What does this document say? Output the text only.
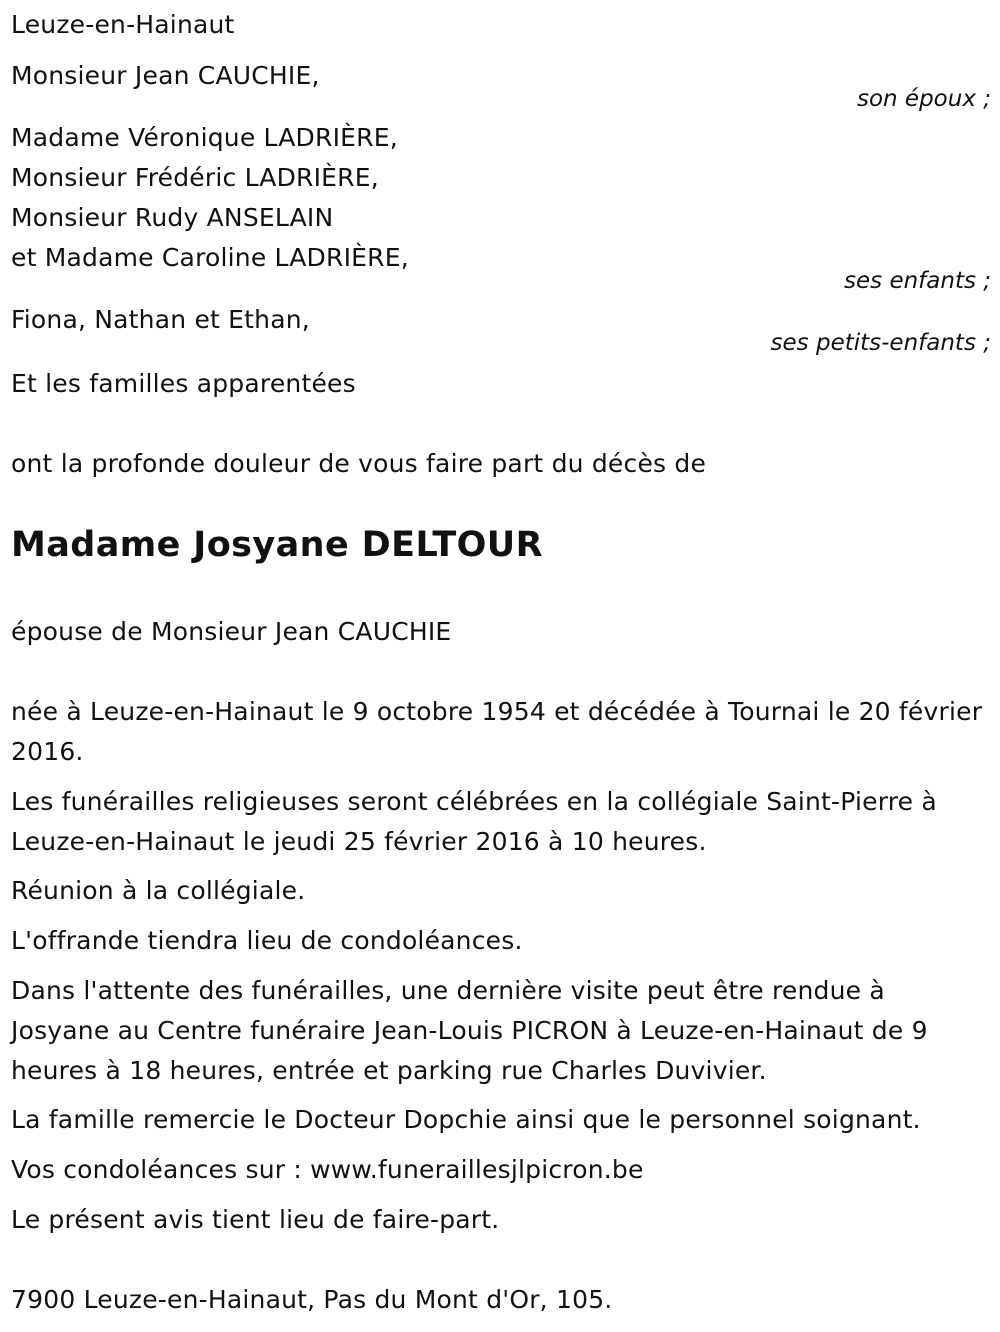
Leuze-en-Hainaut
Monsieur Jean CAUCHIE,
son époux ;
Madame Véronique LADRIÈRE,
Monsieur Frédéric LADRIÈRE,
Monsieur Rudy ANSELAIN
et Madame Caroline LADRIÈRE,
ses enfants ;
Fiona, Nathan et Ethan,
ses petits-enfants ;
Et les familles apparentées
ont la profonde douleur de vous faire part du décès de
Madame Josyane DELTOUR
épouse de Monsieur Jean CAUCHIE
née à Leuze-en-Hainaut le 9 octobre 1954 et décédée à Tournai le 20 février 2016.
Les funérailles religieuses seront célébrées en la collégiale Saint-Pierre à Leuze-en-Hainaut le jeudi 25 février 2016 à 10 heures.
Réunion à la collégiale.
L'offrande tiendra lieu de condoléances.
Dans l'attente des funérailles, une dernière visite peut être rendue à Josyane au Centre funéraire Jean-Louis PICRON à Leuze-en-Hainaut de 9 heures à 18 heures, entrée et parking rue Charles Duvivier.
La famille remercie le Docteur Dopchie ainsi que le personnel soignant.
Vos condoléances sur : www.funeraillesjlpicron.be
Le présent avis tient lieu de faire-part.
7900 Leuze-en-Hainaut, Pas du Mont d'Or, 105.
